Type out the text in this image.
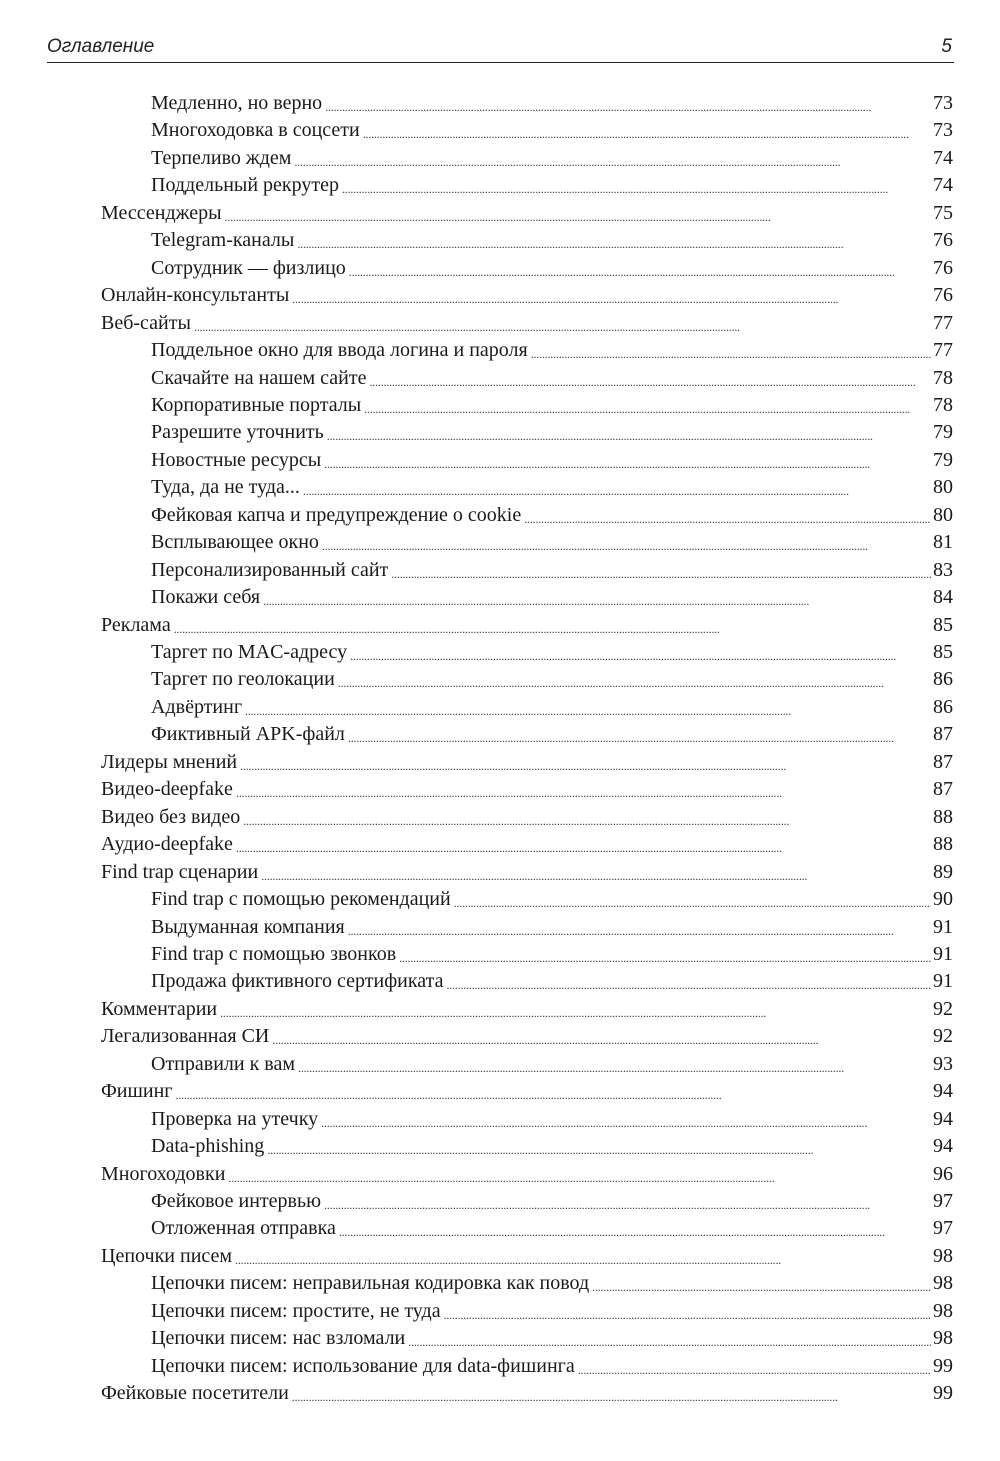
Оглавление	5
Медленно, но верно . . .	73
Многоходовка в соцсети . . .	73
Терпеливо ждем . . .	74
Поддельный рекрутер . . .	74
Мессенджеры . . .	75
Telegram-каналы . . .	76
Сотрудник — физлицо . . .	76
Онлайн-консультанты . . .	76
Веб-сайты . . .	77
Поддельное окно для ввода логина и пароля . . .	77
Скачайте на нашем сайте . . .	78
Корпоративные порталы . . .	78
Разрешите уточнить . . .	79
Новостные ресурсы . . .	79
Туда, да не туда... . . .	80
Фейковая капча и предупреждение о cookie . . .	80
Всплывающее окно . . .	81
Персонализированный сайт . . .	83
Покажи себя . . .	84
Реклама . . .	85
Таргет по MAC-адресу . . .	85
Таргет по геолокации . . .	86
Адвёртинг . . .	86
Фиктивный APK-файл . . .	87
Лидеры мнений . . .	87
Видео-deepfake . . .	87
Видео без видео . . .	88
Аудио-deepfake . . .	88
Find trap сценарии . . .	89
Find trap с помощью рекомендаций . . .	90
Выдуманная компания . . .	91
Find trap с помощью звонков . . .	91
Продажа фиктивного сертификата . . .	91
Комментарии . . .	92
Легализованная СИ . . .	92
Отправили к вам . . .	93
Фишинг . . .	94
Проверка на утечку . . .	94
Data-phishing . . .	94
Многоходовки . . .	96
Фейковое интервью . . .	97
Отложенная отправка . . .	97
Цепочки писем . . .	98
Цепочки писем: неправильная кодировка как повод . . .	98
Цепочки писем: простите, не туда . . .	98
Цепочки писем: нас взломали . . .	98
Цепочки писем: использование для data-фишинга . . .	99
Фейковые посетители . . .	99
